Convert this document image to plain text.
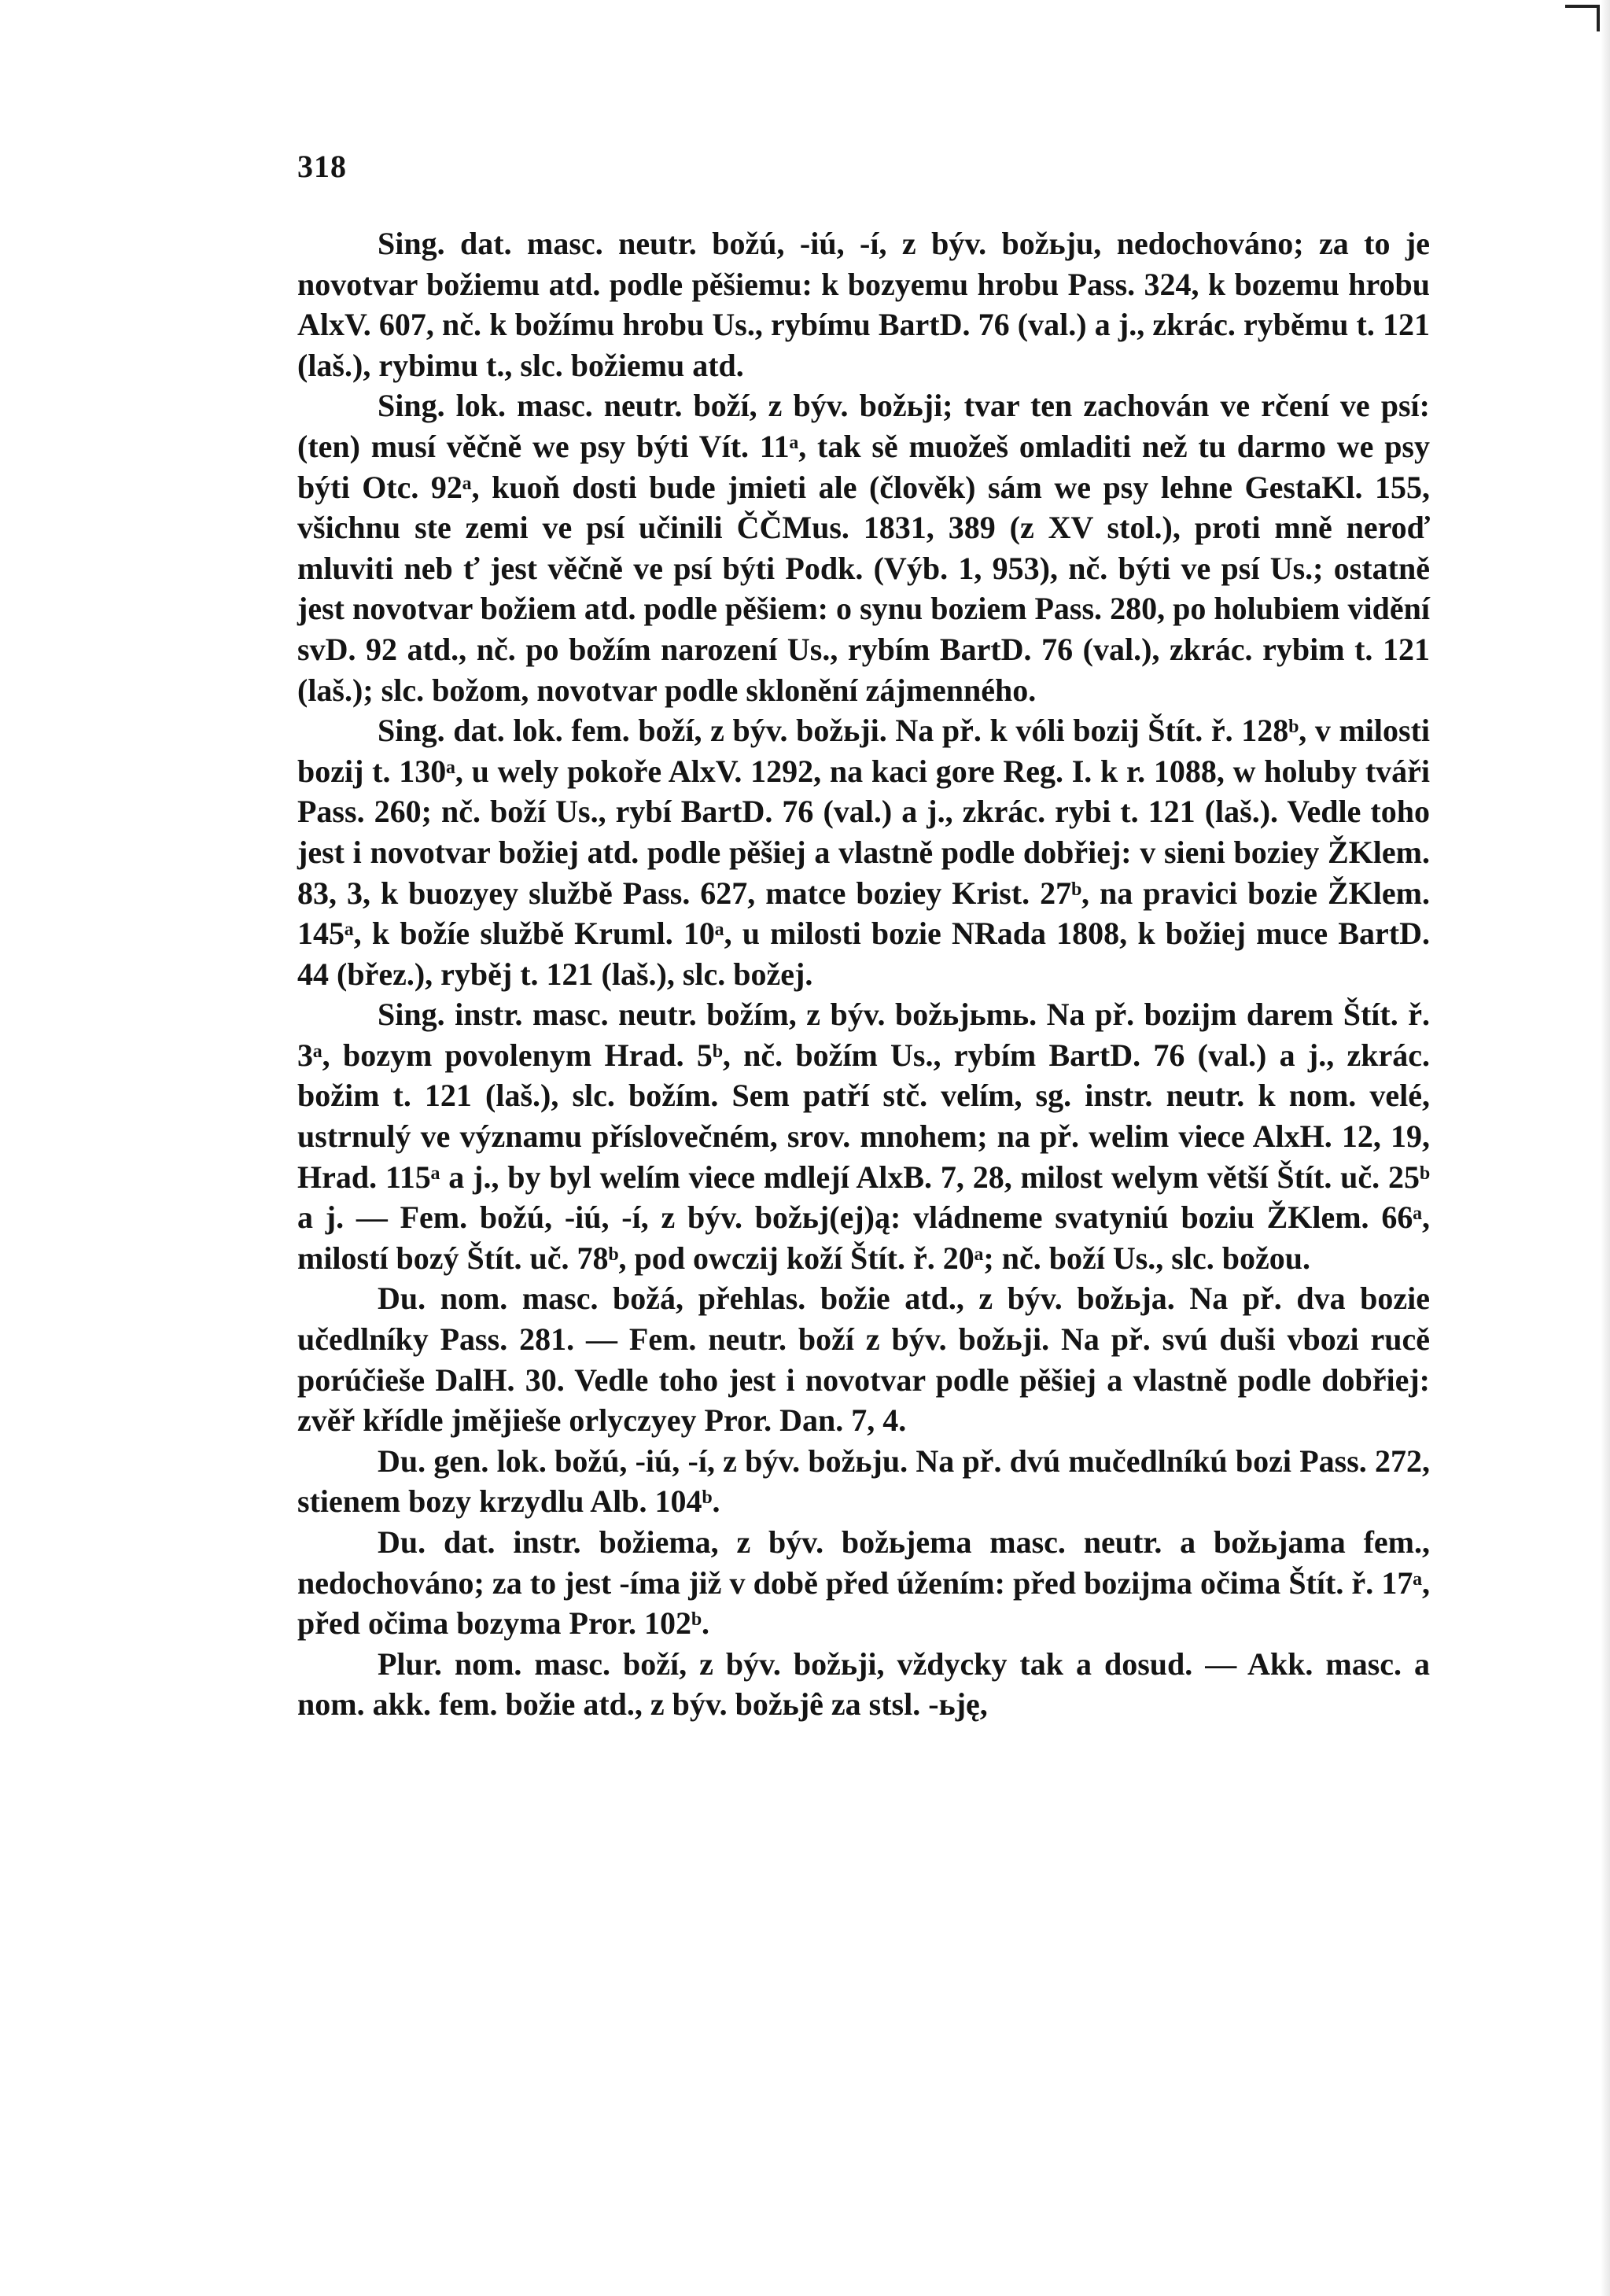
318

Sing. dat. masc. neutr. božú, -iú, -í, z býv. božьju, nedochováno; za to je novotvar božiemu atd. podle pěšiemu: k bozyemu hrobu Pass. 324, k bozemu hrobu AlxV. 607, nč. k božímu hrobu Us., rybímu BartD. 76 (val.) a j., zkrác. ryběmu t. 121 (laš.), rybimu t., slc. božiemu atd.

Sing. lok. masc. neutr. boží, z býv. božьji; tvar ten zachován ve rčení ve psí: (ten) musí věčně we psy býti Vít. 11ᵃ, tak sě muožeš omladiti než tu darmo we psy býti Otc. 92ᵃ, kuoň dosti bude jmieti ale (člověk) sám we psy lehne GestaKl. 155, všichnu ste zemi ve psí učinili ČČMus. 1831, 389 (z XV stol.), proti mně neroď mluviti neb ť jest věčně ve psí býti Podk. (Výb. 1, 953), nč. býti ve psí Us.; ostatně jest novotvar božiem atd. podle pěšiem: o synu boziem Pass. 280, po holubiem vidění svD. 92 atd., nč. po božím narození Us., rybím BartD. 76 (val.), zkrác. rybim t. 121 (laš.); slc. božom, novotvar podle sklonění zájmenného.

Sing. dat. lok. fem. boží, z býv. božьji. Na př. k vóli bozij Štít. ř. 128ᵇ, v milosti bozij t. 130ᵃ, u wely pokoře AlxV. 1292, na kaci gore Reg. I. k r. 1088, w holuby tváři Pass. 260; nč. boží Us., rybí BartD. 76 (val.) a j., zkrác. rybi t. 121 (laš.). Vedle toho jest i novotvar božiej atd. podle pěšiej a vlastně podle dobřiej: v sieni boziey ŽKlem. 83, 3, k buozyey službě Pass. 627, matce boziey Krist. 27ᵇ, na pravici bozie ŽKlem. 145ᵃ, k božíe službě Kruml. 10ᵃ, u milosti bozie NRada 1808, k božiej muce BartD. 44 (břez.), ryběj t. 121 (laš.), slc. božej.

Sing. instr. masc. neutr. božím, z býv. božьjьmь. Na př. bozijm darem Štít. ř. 3ᵃ, bozym povolenym Hrad. 5ᵇ, nč. božím Us., rybím BartD. 76 (val.) a j., zkrác. božim t. 121 (laš.), slc. božím. Sem patří stč. velím, sg. instr. neutr. k nom. velé, ustrnulý ve významu příslovečném, srov. mnohem; na př. welim viece AlxH. 12, 19, Hrad. 115ᵃ a j., by byl welím viece mdlejí AlxB. 7, 28, milost welym větší Štít. uč. 25ᵇ a j. — Fem. božú, -iú, -í, z býv. božьj(ej)ą: vládneme svatyniú boziu ŽKlem. 66ᵃ, milostí bozý Štít. uč. 78ᵇ, pod owczij koží Štít. ř. 20ᵃ; nč. boží Us., slc. božou.

Du. nom. masc. božá, přehlas. božie atd., z býv. božьja. Na př. dva bozie učedlníky Pass. 281. — Fem. neutr. boží z býv. božьji. Na př. svú duši vbozi rucě porúčieše DalH. 30. Vedle toho jest i novotvar podle pěšiej a vlastně podle dobřiej: zvěř křídle jmějieše orlyczyey Pror. Dan. 7, 4.

Du. gen. lok. božú, -iú, -í, z býv. božьju. Na př. dvú mučedlníkú bozi Pass. 272, stienem bozy krzydlu Alb. 104ᵇ.

Du. dat. instr. božiema, z býv. božьjema masc. neutr. a božьjama fem., nedochováno; za to jest -íma již v době před úžením: před bozijma očima Štít. ř. 17ᵃ, před očima bozyma Pror. 102ᵇ.

Plur. nom. masc. boží, z býv. božьji, vždycky tak a dosud. — Akk. masc. a nom. akk. fem. božie atd., z býv. božьjê za stsl. -ьję,
